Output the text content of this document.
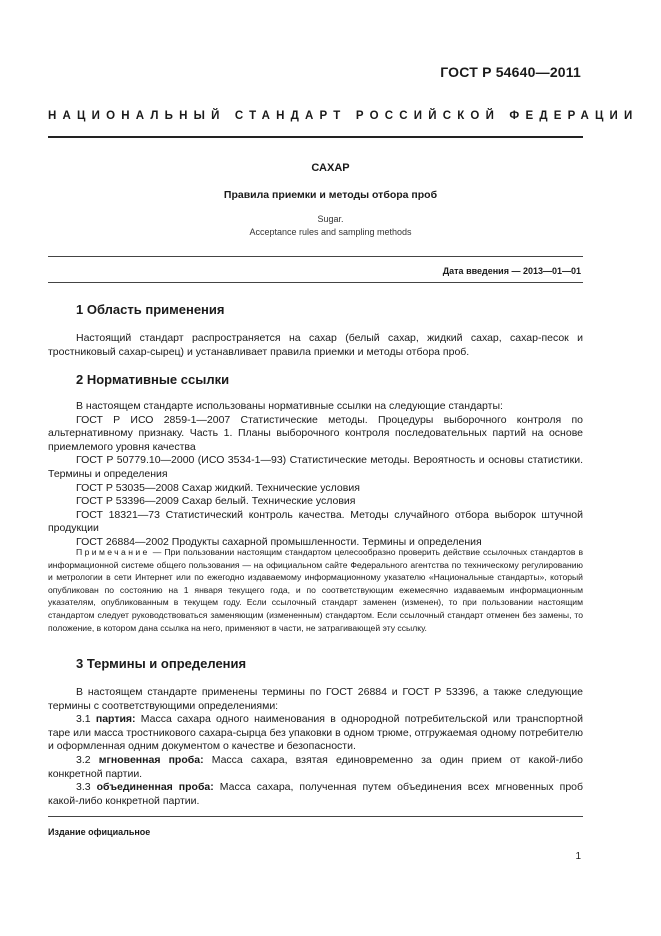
ГОСТ Р 54640—2011
НАЦИОНАЛЬНЫЙ СТАНДАРТ РОССИЙСКОЙ ФЕДЕРАЦИИ
САХАР
Правила приемки и методы отбора проб
Sugar.
Acceptance rules and sampling methods
Дата введения — 2013—01—01
1 Область применения

Настоящий стандарт распространяется на сахар (белый сахар, жидкий сахар, сахар-песок и тростниковый сахар-сырец) и устанавливает правила приемки и методы отбора проб.

2 Нормативные ссылки

В настоящем стандарте использованы нормативные ссылки на следующие стандарты:

ГОСТ Р ИСО 2859-1—2007 Статистические методы. Процедуры выборочного контроля по альтернативному признаку. Часть 1. Планы выборочного контроля последовательных партий на основе приемлемого уровня качества

ГОСТ Р 50779.10—2000 (ИСО 3534-1—93) Статистические методы. Вероятность и основы статистики. Термины и определения

ГОСТ Р 53035—2008 Сахар жидкий. Технические условия

ГОСТ Р 53396—2009 Сахар белый. Технические условия

ГОСТ 18321—73 Статистический контроль качества. Методы случайного отбора выборок штучной продукции

ГОСТ 26884—2002 Продукты сахарной промышленности. Термины и определения

Примечание — При пользовании настоящим стандартом целесообразно проверить действие ссылочных стандартов в информационной системе общего пользования — на официальном сайте Федерального агентства по техническому регулированию и метрологии в сети Интернет или по ежегодно издаваемому информационному указателю «Национальные стандарты», который опубликован по состоянию на 1 января текущего года, и по соответствующим ежемесячно издаваемым информационным указателям, опубликованным в текущем году. Если ссылочный стандарт заменен (изменен), то при пользовании настоящим стандартом следует руководствоваться заменяющим (измененным) стандартом. Если ссылочный стандарт отменен без замены, то положение, в котором дана ссылка на него, применяют в части, не затрагивающей эту ссылку.

3 Термины и определения

В настоящем стандарте применены термины по ГОСТ 26884 и ГОСТ Р 53396, а также следующие термины с соответствующими определениями:

3.1 партия: Масса сахара одного наименования в однородной потребительской или транспортной таре или масса тростникового сахара-сырца без упаковки в одном трюме, отгружаемая одному потребителю и оформленная одним документом о качестве и безопасности.

3.2 мгновенная проба: Масса сахара, взятая единовременно за один прием от какой-либо конкретной партии.

3.3 объединенная проба: Масса сахара, полученная путем объединения всех мгновенных проб какой-либо конкретной партии.

Издание официальное
1
